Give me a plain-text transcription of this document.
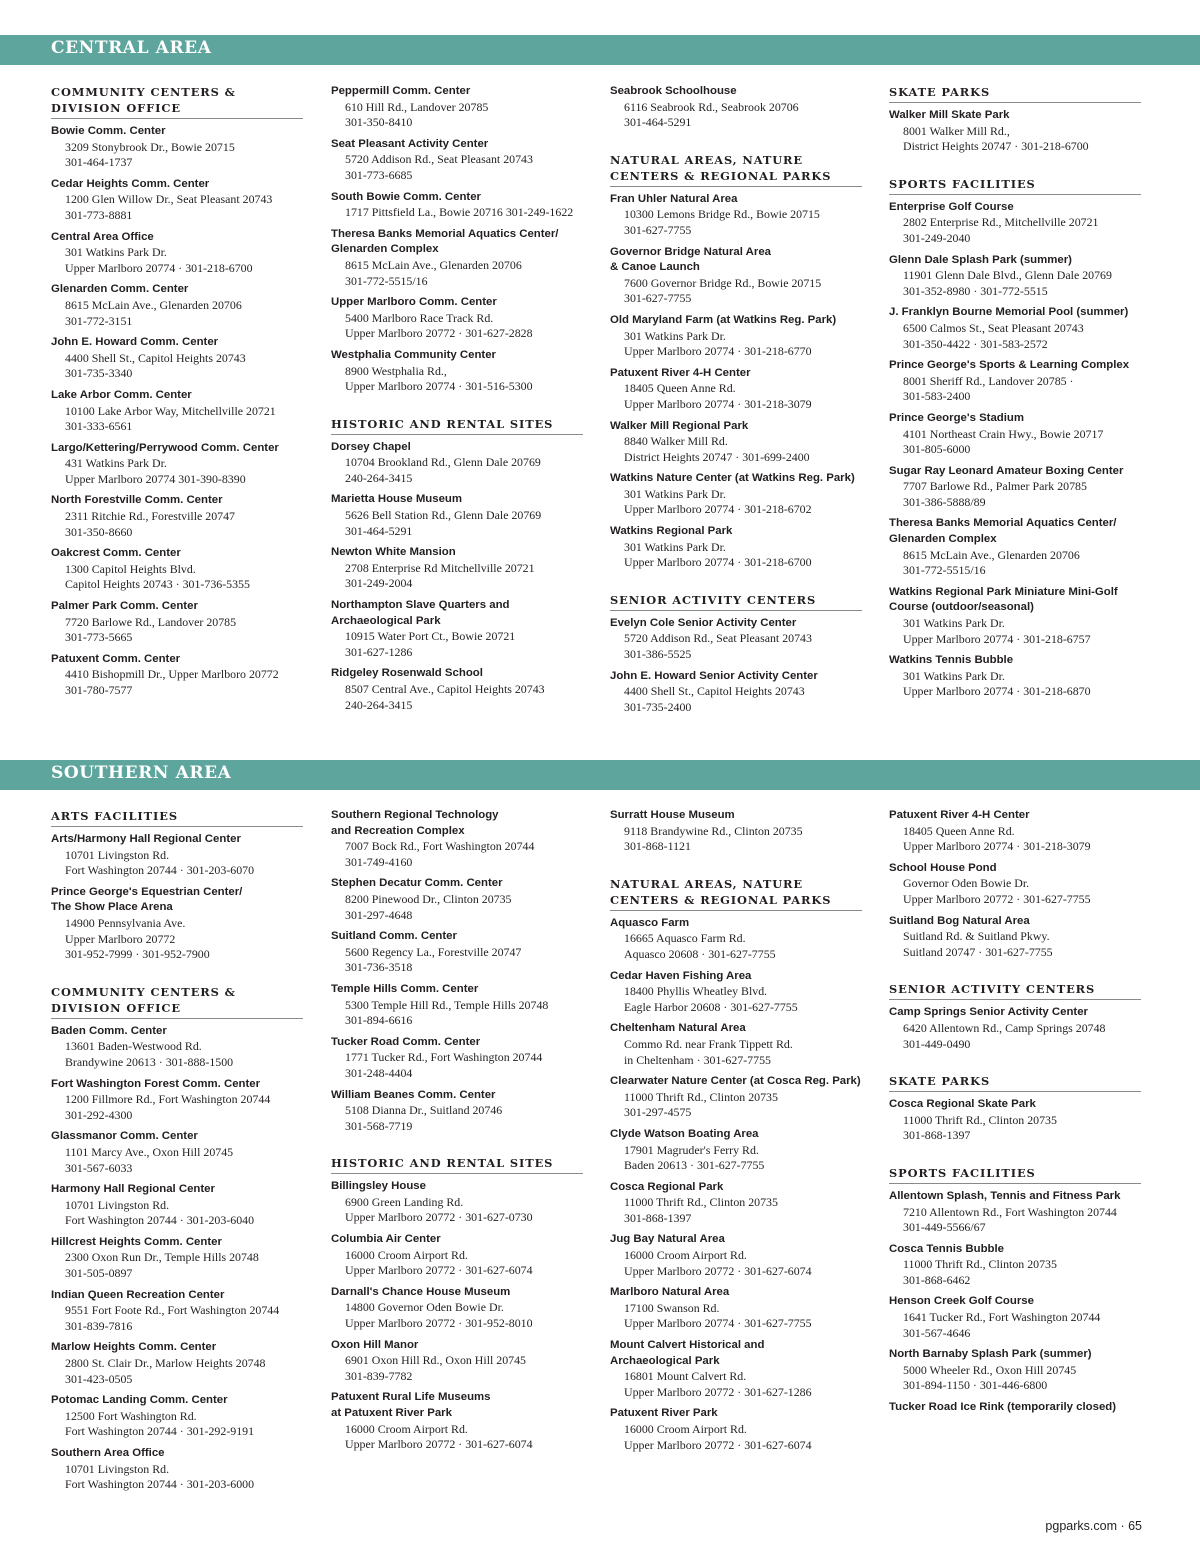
CENTRAL AREA
COMMUNITY CENTERS &
DIVISION OFFICE
Bowie Comm. Center
3209 Stonybrook Dr., Bowie 20715
301-464-1737
Cedar Heights Comm. Center
1200 Glen Willow Dr., Seat Pleasant 20743
301-773-8881
Central Area Office
301 Watkins Park Dr.
Upper Marlboro 20774 · 301-218-6700
Glenarden Comm. Center
8615 McLain Ave., Glenarden 20706
301-772-3151
John E. Howard Comm. Center
4400 Shell St., Capitol Heights 20743
301-735-3340
Lake Arbor Comm. Center
10100 Lake Arbor Way, Mitchellville 20721
301-333-6561
Largo/Kettering/Perrywood Comm. Center
431 Watkins Park Dr.
Upper Marlboro 20774 301-390-8390
North Forestville Comm. Center
2311 Ritchie Rd., Forestville 20747
301-350-8660
Oakcrest Comm. Center
1300 Capitol Heights Blvd.
Capitol Heights 20743 · 301-736-5355
Palmer Park Comm. Center
7720 Barlowe Rd., Landover 20785
301-773-5665
Patuxent Comm. Center
4410 Bishopmill Dr., Upper Marlboro 20772
301-780-7577
Peppermill Comm. Center
610 Hill Rd., Landover 20785
301-350-8410
Seat Pleasant Activity Center
5720 Addison Rd., Seat Pleasant 20743
301-773-6685
South Bowie Comm. Center
1717 Pittsfield La., Bowie 20716 301-249-1622
Theresa Banks Memorial Aquatics Center/
Glenarden Complex
8615 McLain Ave., Glenarden 20706
301-772-5515/16
Upper Marlboro Comm. Center
5400 Marlboro Race Track Rd.
Upper Marlboro 20772 · 301-627-2828
Westphalia Community Center
8900 Westphalia Rd.,
Upper Marlboro 20774 · 301-516-5300
HISTORIC AND RENTAL SITES
Dorsey Chapel
10704 Brookland Rd., Glenn Dale 20769
240-264-3415
Marietta House Museum
5626 Bell Station Rd., Glenn Dale 20769
301-464-5291
Newton White Mansion
2708 Enterprise Rd Mitchellville 20721
301-249-2004
Northampton Slave Quarters and
Archaeological Park
10915 Water Port Ct., Bowie 20721
301-627-1286
Ridgeley Rosenwald School
8507 Central Ave., Capitol Heights 20743
240-264-3415
Seabrook Schoolhouse
6116 Seabrook Rd., Seabrook 20706
301-464-5291
NATURAL AREAS, NATURE
CENTERS & REGIONAL PARKS
Fran Uhler Natural Area
10300 Lemons Bridge Rd., Bowie 20715
301-627-7755
Governor Bridge Natural Area
& Canoe Launch
7600 Governor Bridge Rd., Bowie 20715
301-627-7755
Old Maryland Farm (at Watkins Reg. Park)
301 Watkins Park Dr.
Upper Marlboro 20774 · 301-218-6770
Patuxent River 4-H Center
18405 Queen Anne Rd.
Upper Marlboro 20774 · 301-218-3079
Walker Mill Regional Park
8840 Walker Mill Rd.
District Heights 20747 · 301-699-2400
Watkins Nature Center (at Watkins Reg. Park)
301 Watkins Park Dr.
Upper Marlboro 20774 · 301-218-6702
Watkins Regional Park
301 Watkins Park Dr.
Upper Marlboro 20774 · 301-218-6700
SENIOR ACTIVITY CENTERS
Evelyn Cole Senior Activity Center
5720 Addison Rd., Seat Pleasant 20743
301-386-5525
John E. Howard Senior Activity Center
4400 Shell St., Capitol Heights 20743
301-735-2400
SKATE PARKS
Walker Mill Skate Park
8001 Walker Mill Rd.,
District Heights 20747 · 301-218-6700
SPORTS FACILITIES
Enterprise Golf Course
2802 Enterprise Rd., Mitchellville 20721
301-249-2040
Glenn Dale Splash Park (summer)
11901 Glenn Dale Blvd., Glenn Dale 20769
301-352-8980 · 301-772-5515
J. Franklyn Bourne Memorial Pool (summer)
6500 Calmos St., Seat Pleasant 20743
301-350-4422 · 301-583-2572
Prince George's Sports & Learning Complex
8001 Sheriff Rd., Landover 20785 ·
301-583-2400
Prince George's Stadium
4101 Northeast Crain Hwy., Bowie 20717
301-805-6000
Sugar Ray Leonard Amateur Boxing Center
7707 Barlowe Rd., Palmer Park 20785
301-386-5888/89
Theresa Banks Memorial Aquatics Center/
Glenarden Complex
8615 McLain Ave., Glenarden 20706
301-772-5515/16
Watkins Regional Park Miniature Mini-Golf
Course (outdoor/seasonal)
301 Watkins Park Dr.
Upper Marlboro 20774 · 301-218-6757
Watkins Tennis Bubble
301 Watkins Park Dr.
Upper Marlboro 20774 · 301-218-6870
SOUTHERN AREA
ARTS FACILITIES
Arts/Harmony Hall Regional Center
10701 Livingston Rd.
Fort Washington 20744 · 301-203-6070
Prince George's Equestrian Center/
The Show Place Arena
14900 Pennsylvania Ave.
Upper Marlboro 20772
301-952-7999 · 301-952-7900
COMMUNITY CENTERS &
DIVISION OFFICE
Baden Comm. Center
13601 Baden-Westwood Rd.
Brandywine 20613 · 301-888-1500
Fort Washington Forest Comm. Center
1200 Fillmore Rd., Fort Washington 20744
301-292-4300
Glassmanor Comm. Center
1101 Marcy Ave., Oxon Hill 20745
301-567-6033
Harmony Hall Regional Center
10701 Livingston Rd.
Fort Washington 20744 · 301-203-6040
Hillcrest Heights Comm. Center
2300 Oxon Run Dr., Temple Hills 20748
301-505-0897
Indian Queen Recreation Center
9551 Fort Foote Rd., Fort Washington 20744
301-839-7816
Marlow Heights Comm. Center
2800 St. Clair Dr., Marlow Heights 20748
301-423-0505
Potomac Landing Comm. Center
12500 Fort Washington Rd.
Fort Washington 20744 · 301-292-9191
Southern Area Office
10701 Livingston Rd.
Fort Washington 20744 · 301-203-6000
Southern Regional Technology
and Recreation Complex
7007 Bock Rd., Fort Washington 20744
301-749-4160
Stephen Decatur Comm. Center
8200 Pinewood Dr., Clinton 20735
301-297-4648
Suitland Comm. Center
5600 Regency La., Forestville 20747
301-736-3518
Temple Hills Comm. Center
5300 Temple Hill Rd., Temple Hills 20748
301-894-6616
Tucker Road Comm. Center
1771 Tucker Rd., Fort Washington 20744
301-248-4404
William Beanes Comm. Center
5108 Dianna Dr., Suitland 20746
301-568-7719
HISTORIC AND RENTAL SITES
Billingsley House
6900 Green Landing Rd.
Upper Marlboro 20772 · 301-627-0730
Columbia Air Center
16000 Croom Airport Rd.
Upper Marlboro 20772 · 301-627-6074
Darnall's Chance House Museum
14800 Governor Oden Bowie Dr.
Upper Marlboro 20772 · 301-952-8010
Oxon Hill Manor
6901 Oxon Hill Rd., Oxon Hill 20745
301-839-7782
Patuxent Rural Life Museums
at Patuxent River Park
16000 Croom Airport Rd.
Upper Marlboro 20772 · 301-627-6074
Surratt House Museum
9118 Brandywine Rd., Clinton 20735
301-868-1121
NATURAL AREAS, NATURE
CENTERS & REGIONAL PARKS
Aquasco Farm
16665 Aquasco Farm Rd.
Aquasco 20608 · 301-627-7755
Cedar Haven Fishing Area
18400 Phyllis Wheatley Blvd.
Eagle Harbor 20608 · 301-627-7755
Cheltenham Natural Area
Commo Rd. near Frank Tippett Rd.
in Cheltenham · 301-627-7755
Clearwater Nature Center (at Cosca Reg. Park)
11000 Thrift Rd., Clinton 20735
301-297-4575
Clyde Watson Boating Area
17901 Magruder's Ferry Rd.
Baden 20613 · 301-627-7755
Cosca Regional Park
11000 Thrift Rd., Clinton 20735
301-868-1397
Jug Bay Natural Area
16000 Croom Airport Rd.
Upper Marlboro 20772 · 301-627-6074
Marlboro Natural Area
17100 Swanson Rd.
Upper Marlboro 20774 · 301-627-7755
Mount Calvert Historical and
Archaeological Park
16801 Mount Calvert Rd.
Upper Marlboro 20772 · 301-627-1286
Patuxent River Park
16000 Croom Airport Rd.
Upper Marlboro 20772 · 301-627-6074
Patuxent River 4-H Center
18405 Queen Anne Rd.
Upper Marlboro 20774 · 301-218-3079
School House Pond
Governor Oden Bowie Dr.
Upper Marlboro 20772 · 301-627-7755
Suitland Bog Natural Area
Suitland Rd. & Suitland Pkwy.
Suitland 20747 · 301-627-7755
SENIOR ACTIVITY CENTERS
Camp Springs Senior Activity Center
6420 Allentown Rd., Camp Springs 20748
301-449-0490
SKATE PARKS
Cosca Regional Skate Park
11000 Thrift Rd., Clinton 20735
301-868-1397
SPORTS FACILITIES
Allentown Splash, Tennis and Fitness Park
7210 Allentown Rd., Fort Washington 20744
301-449-5566/67
Cosca Tennis Bubble
11000 Thrift Rd., Clinton 20735
301-868-6462
Henson Creek Golf Course
1641 Tucker Rd., Fort Washington 20744
301-567-4646
North Barnaby Splash Park (summer)
5000 Wheeler Rd., Oxon Hill 20745
301-894-1150 · 301-446-6800
Tucker Road Ice Rink (temporarily closed)
pgparks.com · 65
